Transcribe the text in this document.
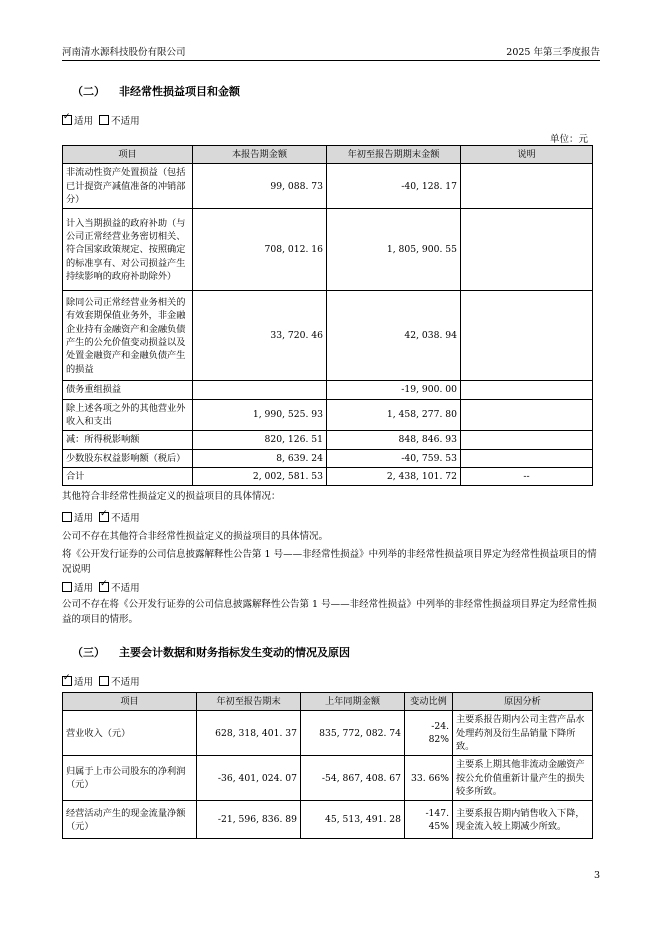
河南清水源科技股份有限公司	2025 年第三季度报告
（二） 非经常性损益项目和金额
✓适用 不适用
单位：元
项目	本报告期金额	年初至报告期期末金额	说明
非流动性资产处置损益（包括已计提资产减值准备的冲销部分）	99, 088. 73	-40, 128. 17	
计入当期损益的政府补助（与公司正常经营业务密切相关、符合国家政策规定、按照确定的标准享有、对公司损益产生持续影响的政府补助除外）	708, 012. 16	1, 805, 900. 55	
除同公司正常经营业务相关的有效套期保值业务外，非金融企业持有金融资产和金融负债产生的公允价值变动损益以及处置金融资产和金融负债产生的损益	33, 720. 46	42, 038. 94	
债务重组损益		-19, 900. 00	
除上述各项之外的其他营业外收入和支出	1, 990, 525. 93	1, 458, 277. 80	
减：所得税影响额	820, 126. 51	848, 846. 93	
少数股东权益影响额（税后）	8, 639. 24	-40, 759. 53	
合计	2, 002, 581. 53	2, 438, 101. 72	--
其他符合非经常性损益定义的损益项目的具体情况：
适用 ✓ 不适用
公司不存在其他符合非经常性损益定义的损益项目的具体情况。
将《公开发行证券的公司信息披露解释性公告第 1 号——非经常性损益》中列举的非经常性损益项目界定为经常性损益项目的情况说明
适用 ✓ 不适用
公司不存在将《公开发行证券的公司信息披露解释性公告第 1 号——非经常性损益》中列举的非经常性损益项目界定为经常性损益的项目的情形。
（三） 主要会计数据和财务指标发生变动的情况及原因
✓适用 不适用
项目	年初至报告期末	上年同期金额	变动比例	原因分析
营业收入（元）	628, 318, 401. 37	835, 772, 082. 74	-24. 82%	主要系报告期内公司主营产品水处理药剂及衍生品销量下降所致。
归属于上市公司股东的净利润（元）	-36, 401, 024. 07	-54, 867, 408. 67	33. 66%	主要系上期其他非流动金融资产按公允价值重新计量产生的损失较多所致。
经营活动产生的现金流量净额（元）	-21, 596, 836. 89	45, 513, 491. 28	-147. 45%	主要系报告期内销售收入下降，现金流入较上期减少所致。
3
